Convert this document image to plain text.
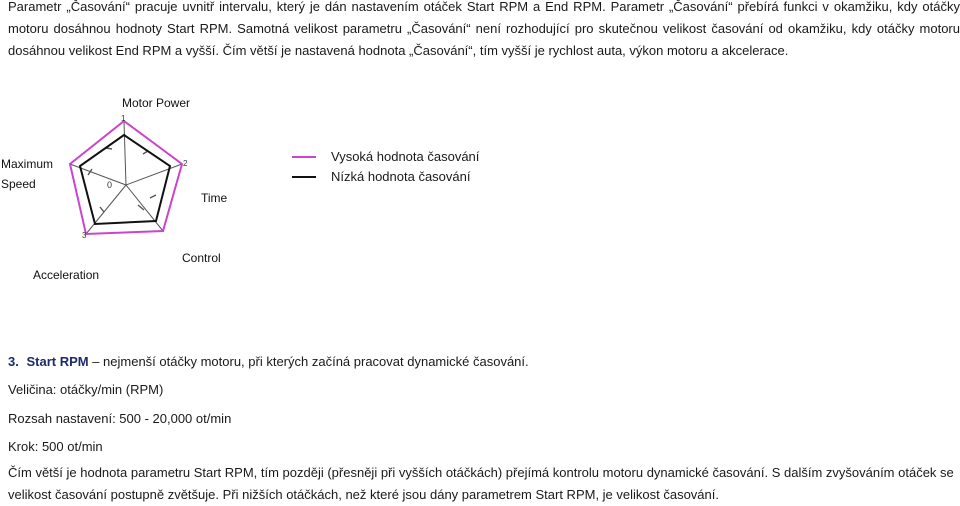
Parametr „Časování“ pracuje uvnitř intervalu, který je dán nastavením otáček Start RPM a End RPM. Parametr „Časování“ přebírá funkci v okamžiku, kdy otáčky motoru dosáhnou hodnoty Start RPM. Samotná velikost parametru „Časování“ není rozhodující pro skutečnou velikost časování od okamžiku, kdy otáčky motoru dosáhnou velikost End RPM a vyšší. Čím větší je nastavená hodnota „Časování“, tím vyšší je rychlost auta, výkon motoru a akcelerace.
1
2
3
0
Motor Power
Maximum
Speed
Time
Control
Acceleration
Vysoká hodnota časování
Nízká hodnota časování
3. Start RPM – nejmenší otáčky motoru, při kterých začíná pracovat dynamické časování.
Veličina: otáčky/min (RPM)
Rozsah nastavení: 500 - 20,000 ot/min
Krok: 500 ot/min
Čím větší je hodnota parametru Start RPM, tím později (přesněji při vyšších otáčkách) přejímá kontrolu motoru dynamické časování. S dalším zvyšováním otáček se velikost časování postupně zvětšuje. Při nižších otáčkách, než které jsou dány parametrem Start RPM, je velikost časování.
